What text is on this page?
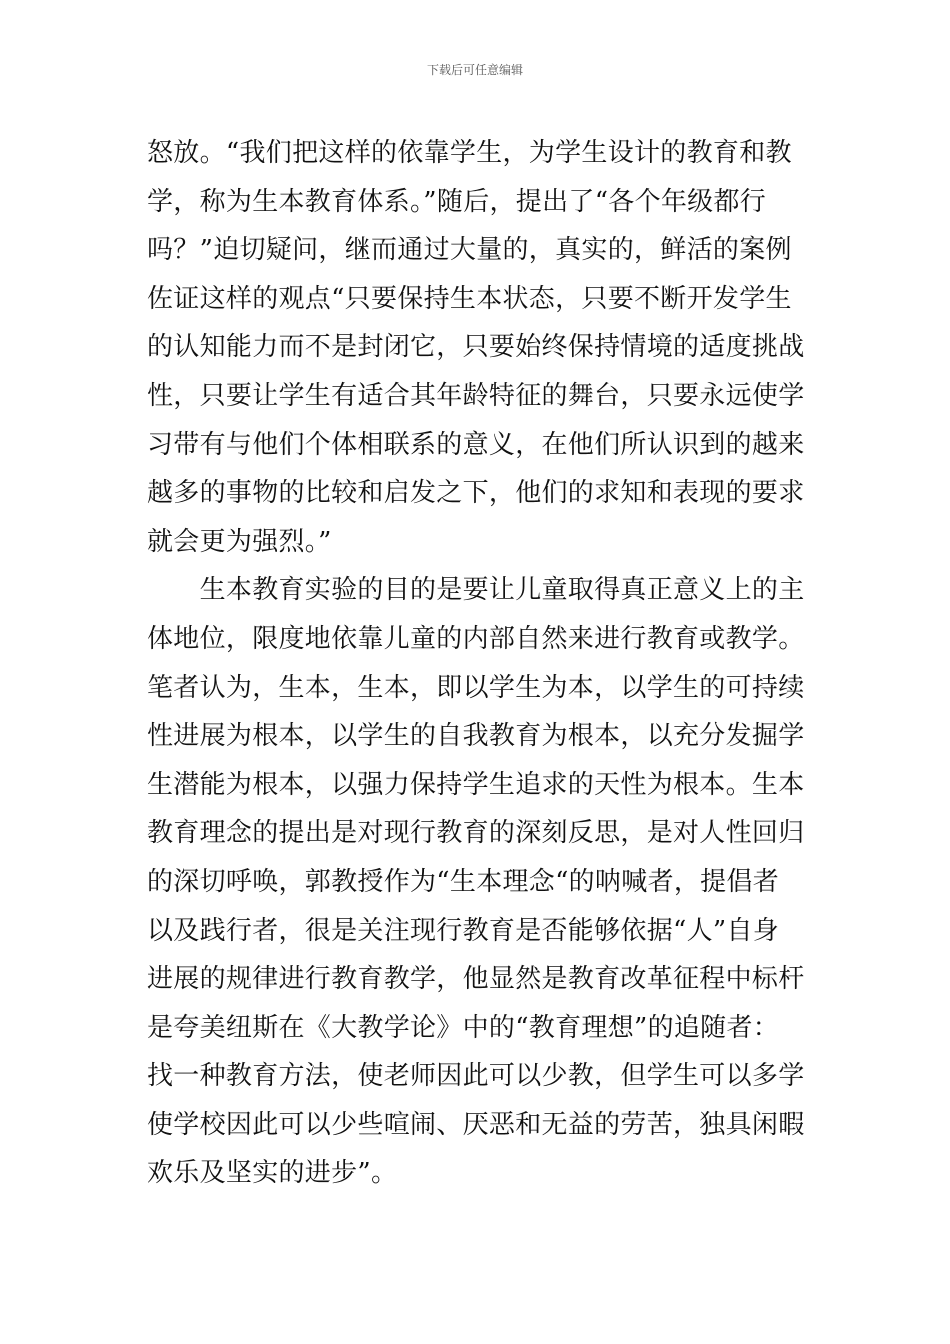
下载后可任意编辑
怒放。“我们把这样的依靠学生，为学生设计的教育和教
学，称为生本教育体系。”随后，提出了“各个年级都行
吗？”迫切疑问，继而通过大量的，真实的，鲜活的案例
佐证这样的观点“只要保持生本状态，只要不断开发学生
的认知能力而不是封闭它，只要始终保持情境的适度挑战
性，只要让学生有适合其年龄特征的舞台，只要永远使学
习带有与他们个体相联系的意义，在他们所认识到的越来
越多的事物的比较和启发之下，他们的求知和表现的要求
就会更为强烈。”
　　生本教育实验的目的是要让儿童取得真正意义上的主
体地位，限度地依靠儿童的内部自然来进行教育或教学。
笔者认为，生本，生本，即以学生为本，以学生的可持续
性进展为根本，以学生的自我教育为根本，以充分发掘学
生潜能为根本，以强力保持学生追求的天性为根本。生本
教育理念的提出是对现行教育的深刻反思，是对人性回归
的深切呼唤，郭教授作为“生本理念“的呐喊者，提倡者
以及践行者，很是关注现行教育是否能够依据“人”自身
进展的规律进行教育教学，他显然是教育改革征程中标杆
是夸美纽斯在《大教学论》中的“教育理想”的追随者：
找一种教育方法，使老师因此可以少教，但学生可以多学
使学校因此可以少些喧闹、厌恶和无益的劳苦，独具闲暇
欢乐及坚实的进步”。
